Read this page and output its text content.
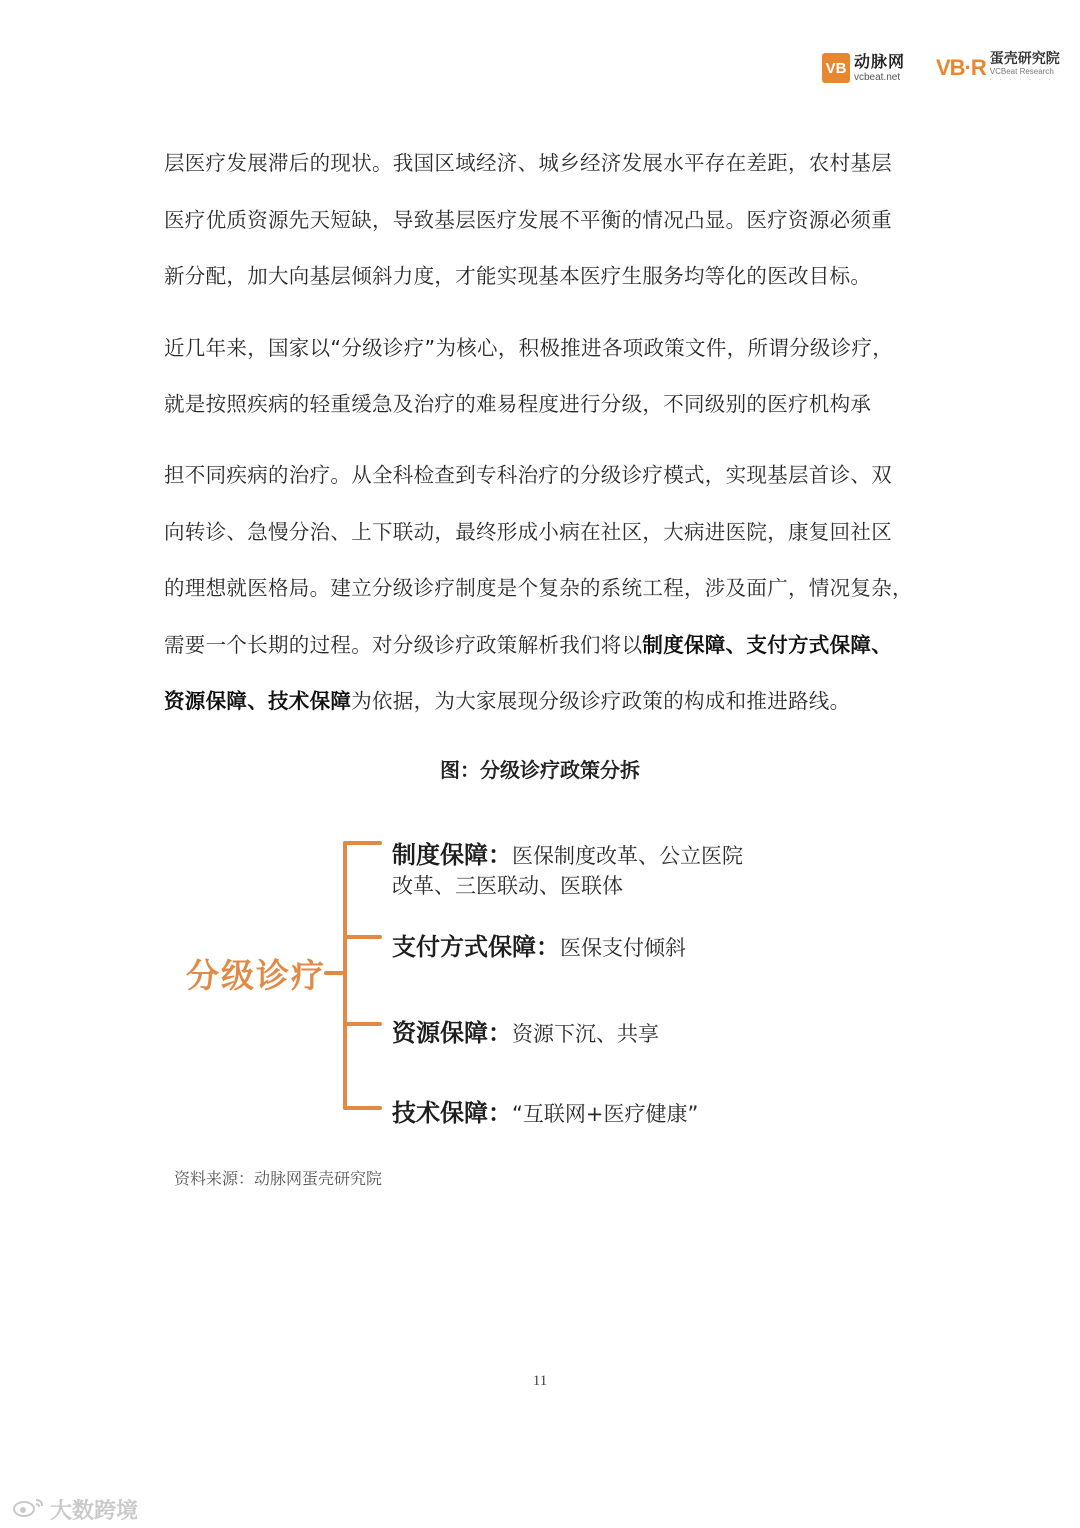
VB 动脉网
vcbeat.net VB·R 蛋壳研究院
VCBeat Research
· · · · · · ·
层医疗发展滞后的现状。我国区域经济、城乡经济发展水平存在差距，农村基层
医疗优质资源先天短缺，导致基层医疗发展不平衡的情况凸显。医疗资源必须重
新分配，加大向基层倾斜力度，才能实现基本医疗生服务均等化的医改目标。
近几年来，国家以“分级诊疗”为核心，积极推进各项政策文件，所谓分级诊疗，
就是按照疾病的轻重缓急及治疗的难易程度进行分级，不同级别的医疗机构承
担不同疾病的治疗。从全科检查到专科治疗的分级诊疗模式，实现基层首诊、双
向转诊、急慢分治、上下联动，最终形成小病在社区，大病进医院，康复回社区
的理想就医格局。建立分级诊疗制度是个复杂的系统工程，涉及面广，情况复杂，
需要一个长期的过程。对分级诊疗政策解析我们将以制度保障、支付方式保障、
资源保障、技术保障为依据，为大家展现分级诊疗政策的构成和推进路线。
图：分级诊疗政策分拆
分级诊疗
制度保障：医保制度改革、公立医院
改革、三医联动、医联体
支付方式保障：医保支付倾斜
资源保障：资源下沉、共享
技术保障：“互联网+医疗健康”
资料来源：动脉网蛋壳研究院
11
大数跨境
